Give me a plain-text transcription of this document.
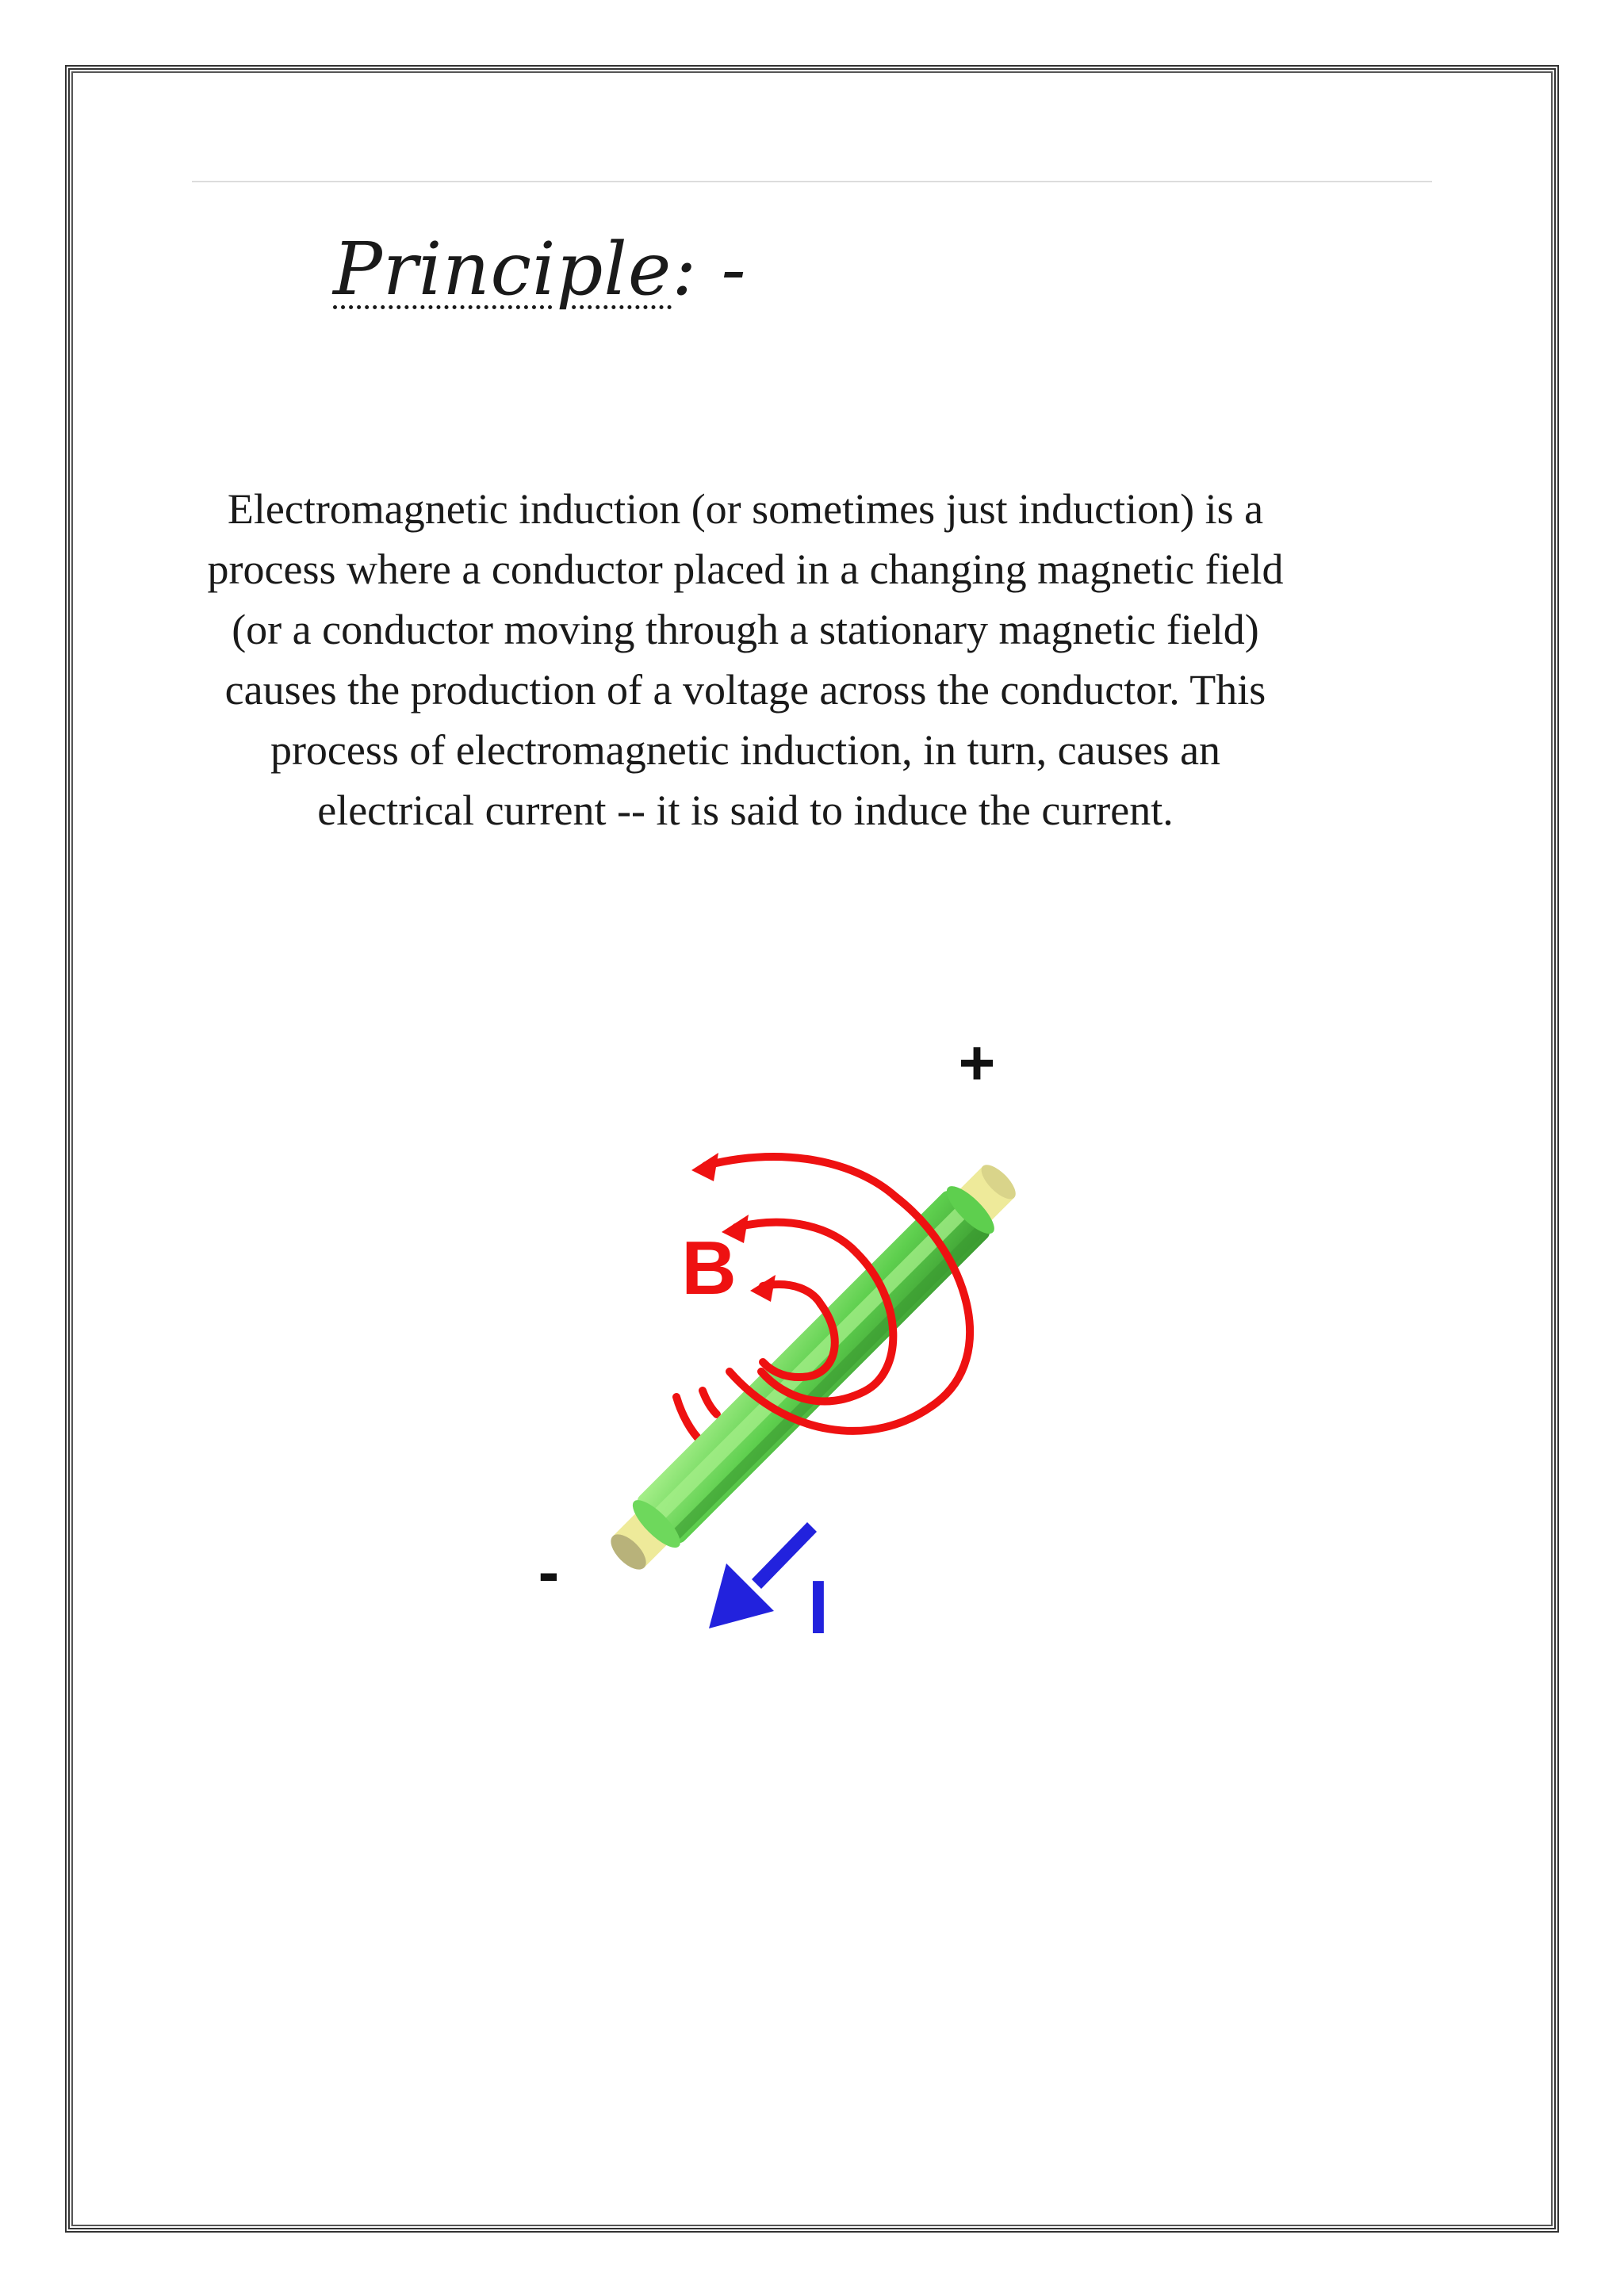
Principle: -
Electromagnetic induction (or sometimes just induction) is a process where a conductor placed in a changing magnetic field (or a conductor moving through a stationary magnetic field) causes the production of a voltage across the conductor. This process of electromagnetic induction, in turn, causes an electrical current -- it is said to induce the current.
+
-
B
I
